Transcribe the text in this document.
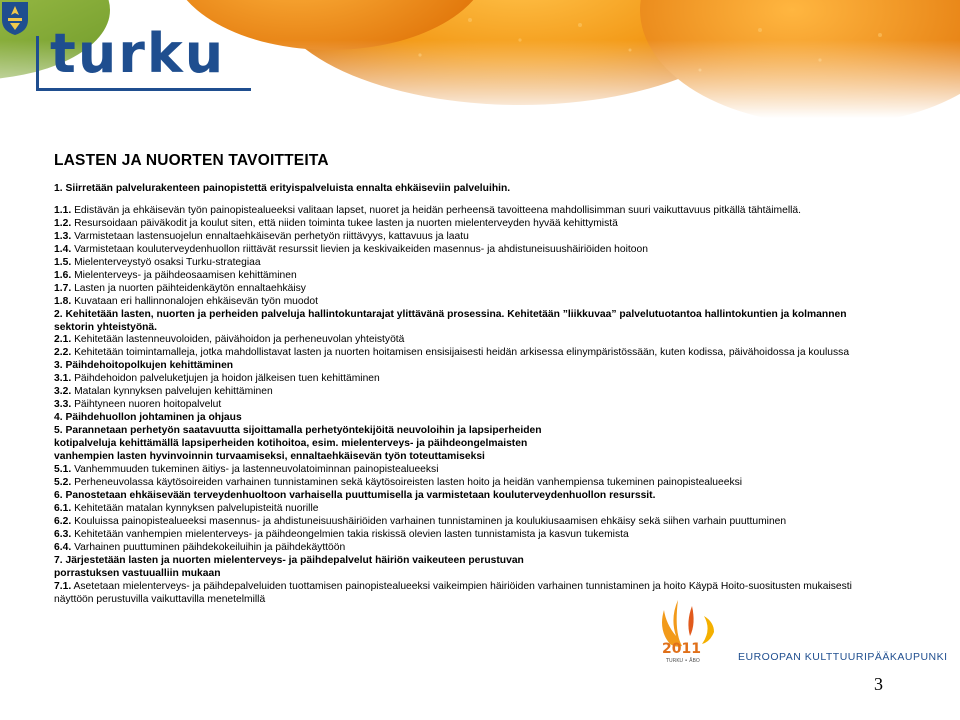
turku
LASTEN JA NUORTEN TAVOITTEITA
1. Siirretään palvelurakenteen painopistettä erityispalveluista ennalta ehkäiseviin palveluihin.
1.1. Edistävän ja ehkäisevän työn painopistealueeksi valitaan lapset, nuoret ja heidän perheensä tavoitteena mahdollisimman suuri vaikuttavuus pitkällä tähtäimellä.
1.2. Resursoidaan päiväkodit ja koulut siten, että niiden toiminta tukee lasten ja nuorten mielenterveyden hyvää kehittymistä
1.3. Varmistetaan lastensuojelun ennaltaehkäisevän perhetyön riittävyys, kattavuus ja laatu
1.4. Varmistetaan kouluterveydenhuollon riittävät resurssit lievien ja keskivaikeiden masennus- ja ahdistuneisuushäiriöiden hoitoon
1.5. Mielenterveystyö osaksi Turku-strategiaa
1.6. Mielenterveys- ja päihdeosaamisen kehittäminen
1.7. Lasten ja nuorten päihteidenkäytön ennaltaehkäisy
1.8. Kuvataan eri hallinnonalojen ehkäisevän työn muodot
2. Kehitetään lasten, nuorten ja perheiden palveluja hallintokuntarajat ylittävänä prosessina. Kehitetään ”liikkuvaa” palvelutuotantoa hallintokuntien ja kolmannen sektorin yhteistyönä.
2.1. Kehitetään lastenneuvoloiden, päivähoidon ja perheneuvolan yhteistyötä
2.2. Kehitetään toimintamalleja, jotka mahdollistavat lasten ja nuorten hoitamisen ensisijaisesti heidän arkisessa elinympäristössään, kuten kodissa, päivähoidossa ja koulussa
3. Päihdehoitopolkujen kehittäminen
3.1. Päihdehoidon palveluketjujen ja hoidon jälkeisen tuen kehittäminen
3.2. Matalan kynnyksen palvelujen kehittäminen
3.3. Päihtyneen nuoren hoitopalvelut
4. Päihdehuollon johtaminen ja ohjaus
5. Parannetaan perhetyön saatavuutta sijoittamalla perhetyöntekijöitä neuvoloihin ja lapsiperheiden
kotipalveluja kehittämällä lapsiperheiden kotihoitoa, esim. mielenterveys- ja päihdeongelmaisten
vanhempien lasten hyvinvoinnin turvaamiseksi, ennaltaehkäisevän työn toteuttamiseksi
5.1. Vanhemmuuden tukeminen äitiys- ja lastenneuvolatoiminnan painopistealueeksi
5.2. Perheneuvolassa käytösoireiden varhainen tunnistaminen sekä käytösoireisten lasten hoito ja heidän vanhempiensa tukeminen painopistealueeksi
6. Panostetaan ehkäisevään terveydenhuoltoon varhaisella puuttumisella ja varmistetaan kouluterveydenhuollon resurssit.
6.1. Kehitetään matalan kynnyksen palvelupisteitä nuorille
6.2. Kouluissa painopistealueeksi masennus- ja ahdistuneisuushäiriöiden varhainen tunnistaminen ja koulukiusaamisen ehkäisy sekä siihen varhain puuttuminen
6.3. Kehitetään vanhempien mielenterveys- ja päihdeongelmien takia riskissä olevien lasten tunnistamista ja kasvun tukemista
6.4. Varhainen puuttuminen päihdekokeiluihin ja päihdekäyttöön
7. Järjestetään lasten ja nuorten mielenterveys- ja päihdepalvelut häiriön vaikeuteen perustuvan
porrastuksen vastuualliin mukaan
7.1. Asetetaan mielenterveys- ja päihdepalveluiden tuottamisen painopistealueeksi vaikeimpien häiriöiden varhainen tunnistaminen ja hoito Käypä Hoito-suositusten mukaisesti näyttöön perustuvilla vaikuttavilla menetelmillä
2011
TURKU • ÅBO	EUROOPAN KULTTUURIPÄÄKAUPUNKI
3
